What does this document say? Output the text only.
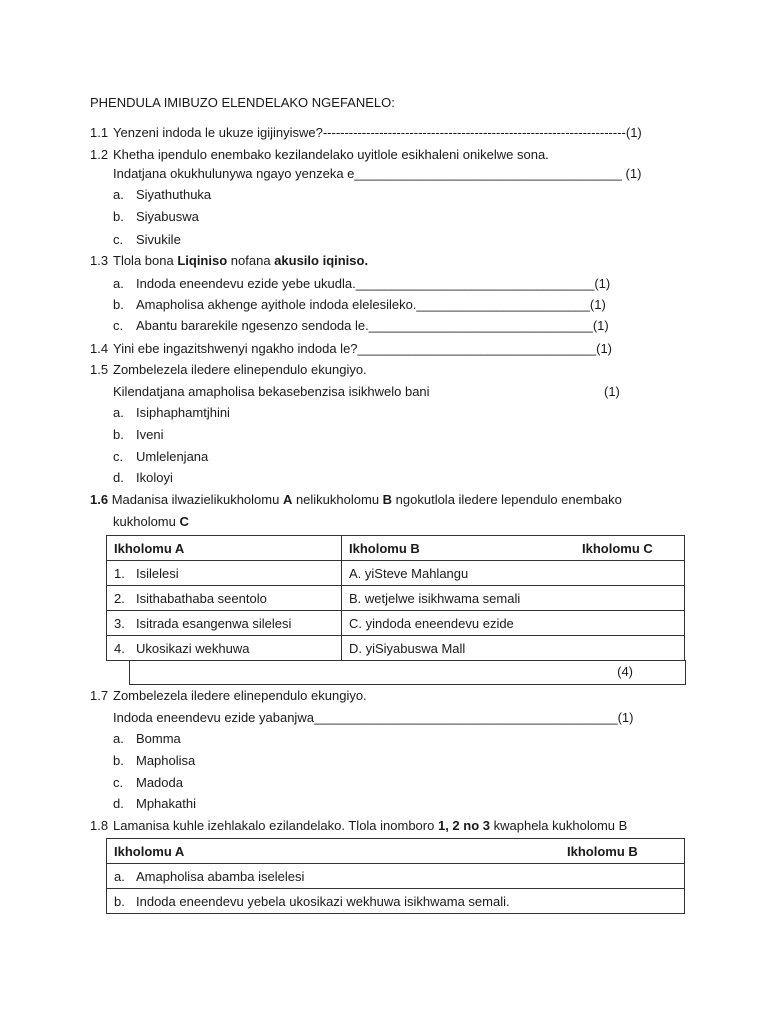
PHENDULA IMIBUZO ELENDELAKO NGEFANELO:
1.1 Yenzeni indoda le ukuze igijinyiswe?----------------------------------------------------------------------(1)
1.2 Khetha ipendulo enembako kezilandelako uyitlole esikhaleni onikelwe sona.
Indatjana okukhulunywa ngayo yenzeka e_____________________________________ (1)
a. Siyathuthuka
b. Siyabuswa
c. Sivukile
1.3 Tlola bona Liqiniso nofana akusilo iqiniso.
a. Indoda eneendevu ezide yebe ukudla._________________________________(1)
b. Amapholisa akhenge ayithole indoda elelesileko.________________________(1)
c. Abantu bararekile ngesenzo sendoda le._______________________________(1)
1.4 Yini ebe ingazitshwenyi ngakho indoda le?_________________________________(1)
1.5 Zombelezela iledere elinependulo ekungiyo.
Kilendatjana amapholisa bekasebenzisa isikhwelo bani	(1)
a. Isiphaphamtjhini
b. Iveni
c. Umlelenjana
d. Ikoloyi
1.6 Madanisa ilwazielikukholomu A nelikukholomu B ngokutlola iledere lependulo enembako
kukholomu C
Ikholomu A	Ikholomu B	Ikholomu C
1. Isilelesi	A. yiSteve Mahlangu	
2. Isithabathaba seentolo	B. wetjelwe isikhwama semali	
3. Isitrada esangenwa silelesi	C. yindoda eneendevu ezide	
4. Ukosikazi wekhuwa	D. yiSiyabuswa Mall	
(4)
1.7 Zombelezela iledere elinependulo ekungiyo.
Indoda eneendevu ezide yabanjwa__________________________________________(1)
a. Bomma
b. Mapholisa
c. Madoda
d. Mphakathi
1.8 Lamanisa kuhle izehlakalo ezilandelako. Tlola inomboro 1, 2 no 3 kwaphela kukholomu B
Ikholomu A	Ikholomu B
a. Amapholisa abamba iselelesi	
b. Indoda eneendevu yebela ukosikazi wekhuwa isikhwama semali.	
